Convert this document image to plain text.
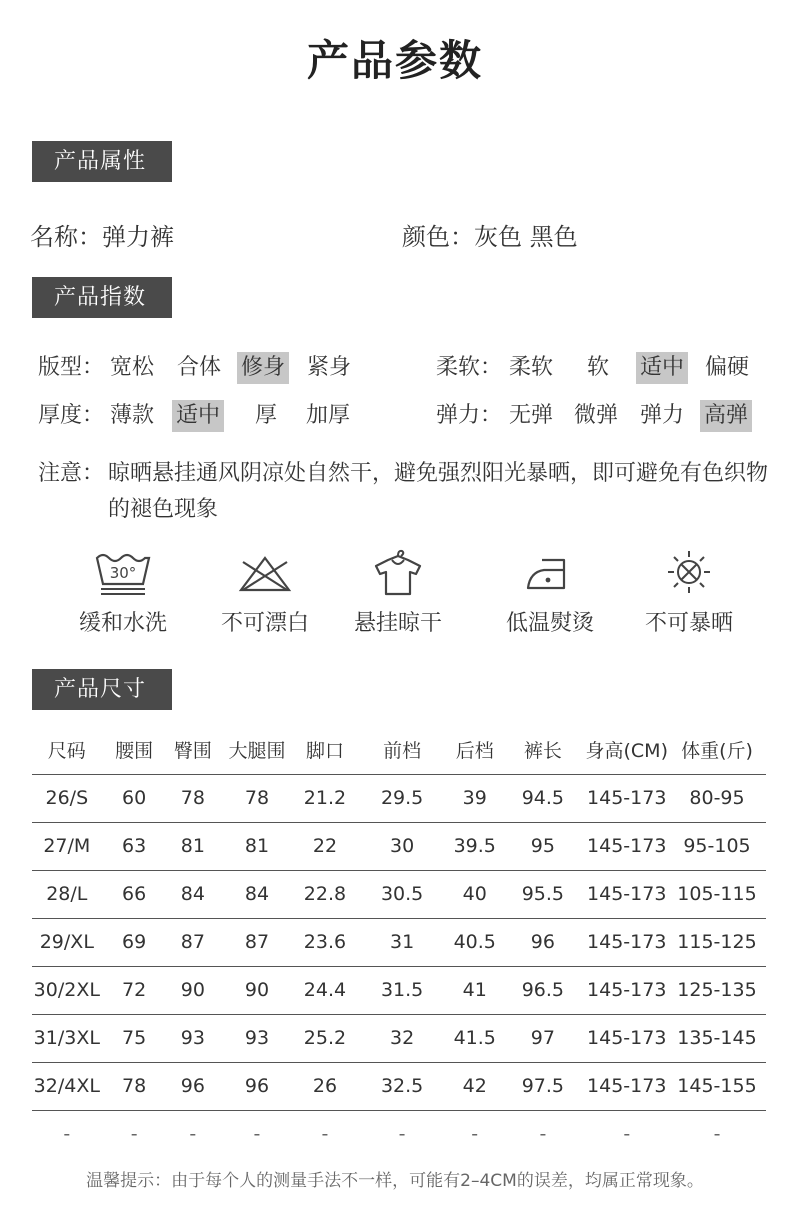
产品参数
产品属性
名称：弹力裤	颜色：灰色 黑色
产品指数
版型： 宽松 合体 修身 紧身	柔软： 柔软 软 适中 偏硬
厚度： 薄款 适中 厚 加厚	弹力： 无弹 微弹 弹力 高弹
注意： 晾晒悬挂通风阴凉处自然干，避免强烈阳光暴晒，即可避免有色织物的褪色现象
30°
缓和水洗	不可漂白	悬挂晾干	低温熨烫	不可暴晒
产品尺寸
尺码	腰围	臀围	大腿围	脚口	前档	后档	裤长	身高(CM)	体重(斤)
26/S	60	78	78	21.2	29.5	39	94.5	145-173	80-95
27/M	63	81	81	22	30	39.5	95	145-173	95-105
28/L	66	84	84	22.8	30.5	40	95.5	145-173	105-115
29/XL	69	87	87	23.6	31	40.5	96	145-173	115-125
30/2XL	72	90	90	24.4	31.5	41	96.5	145-173	125-135
31/3XL	75	93	93	25.2	32	41.5	97	145-173	135-145
32/4XL	78	96	96	26	32.5	42	97.5	145-173	145-155
-	-	-	-	-	-	-	-	-	-
温馨提示：由于每个人的测量手法不一样，可能有2–4CM的误差，均属正常现象。
